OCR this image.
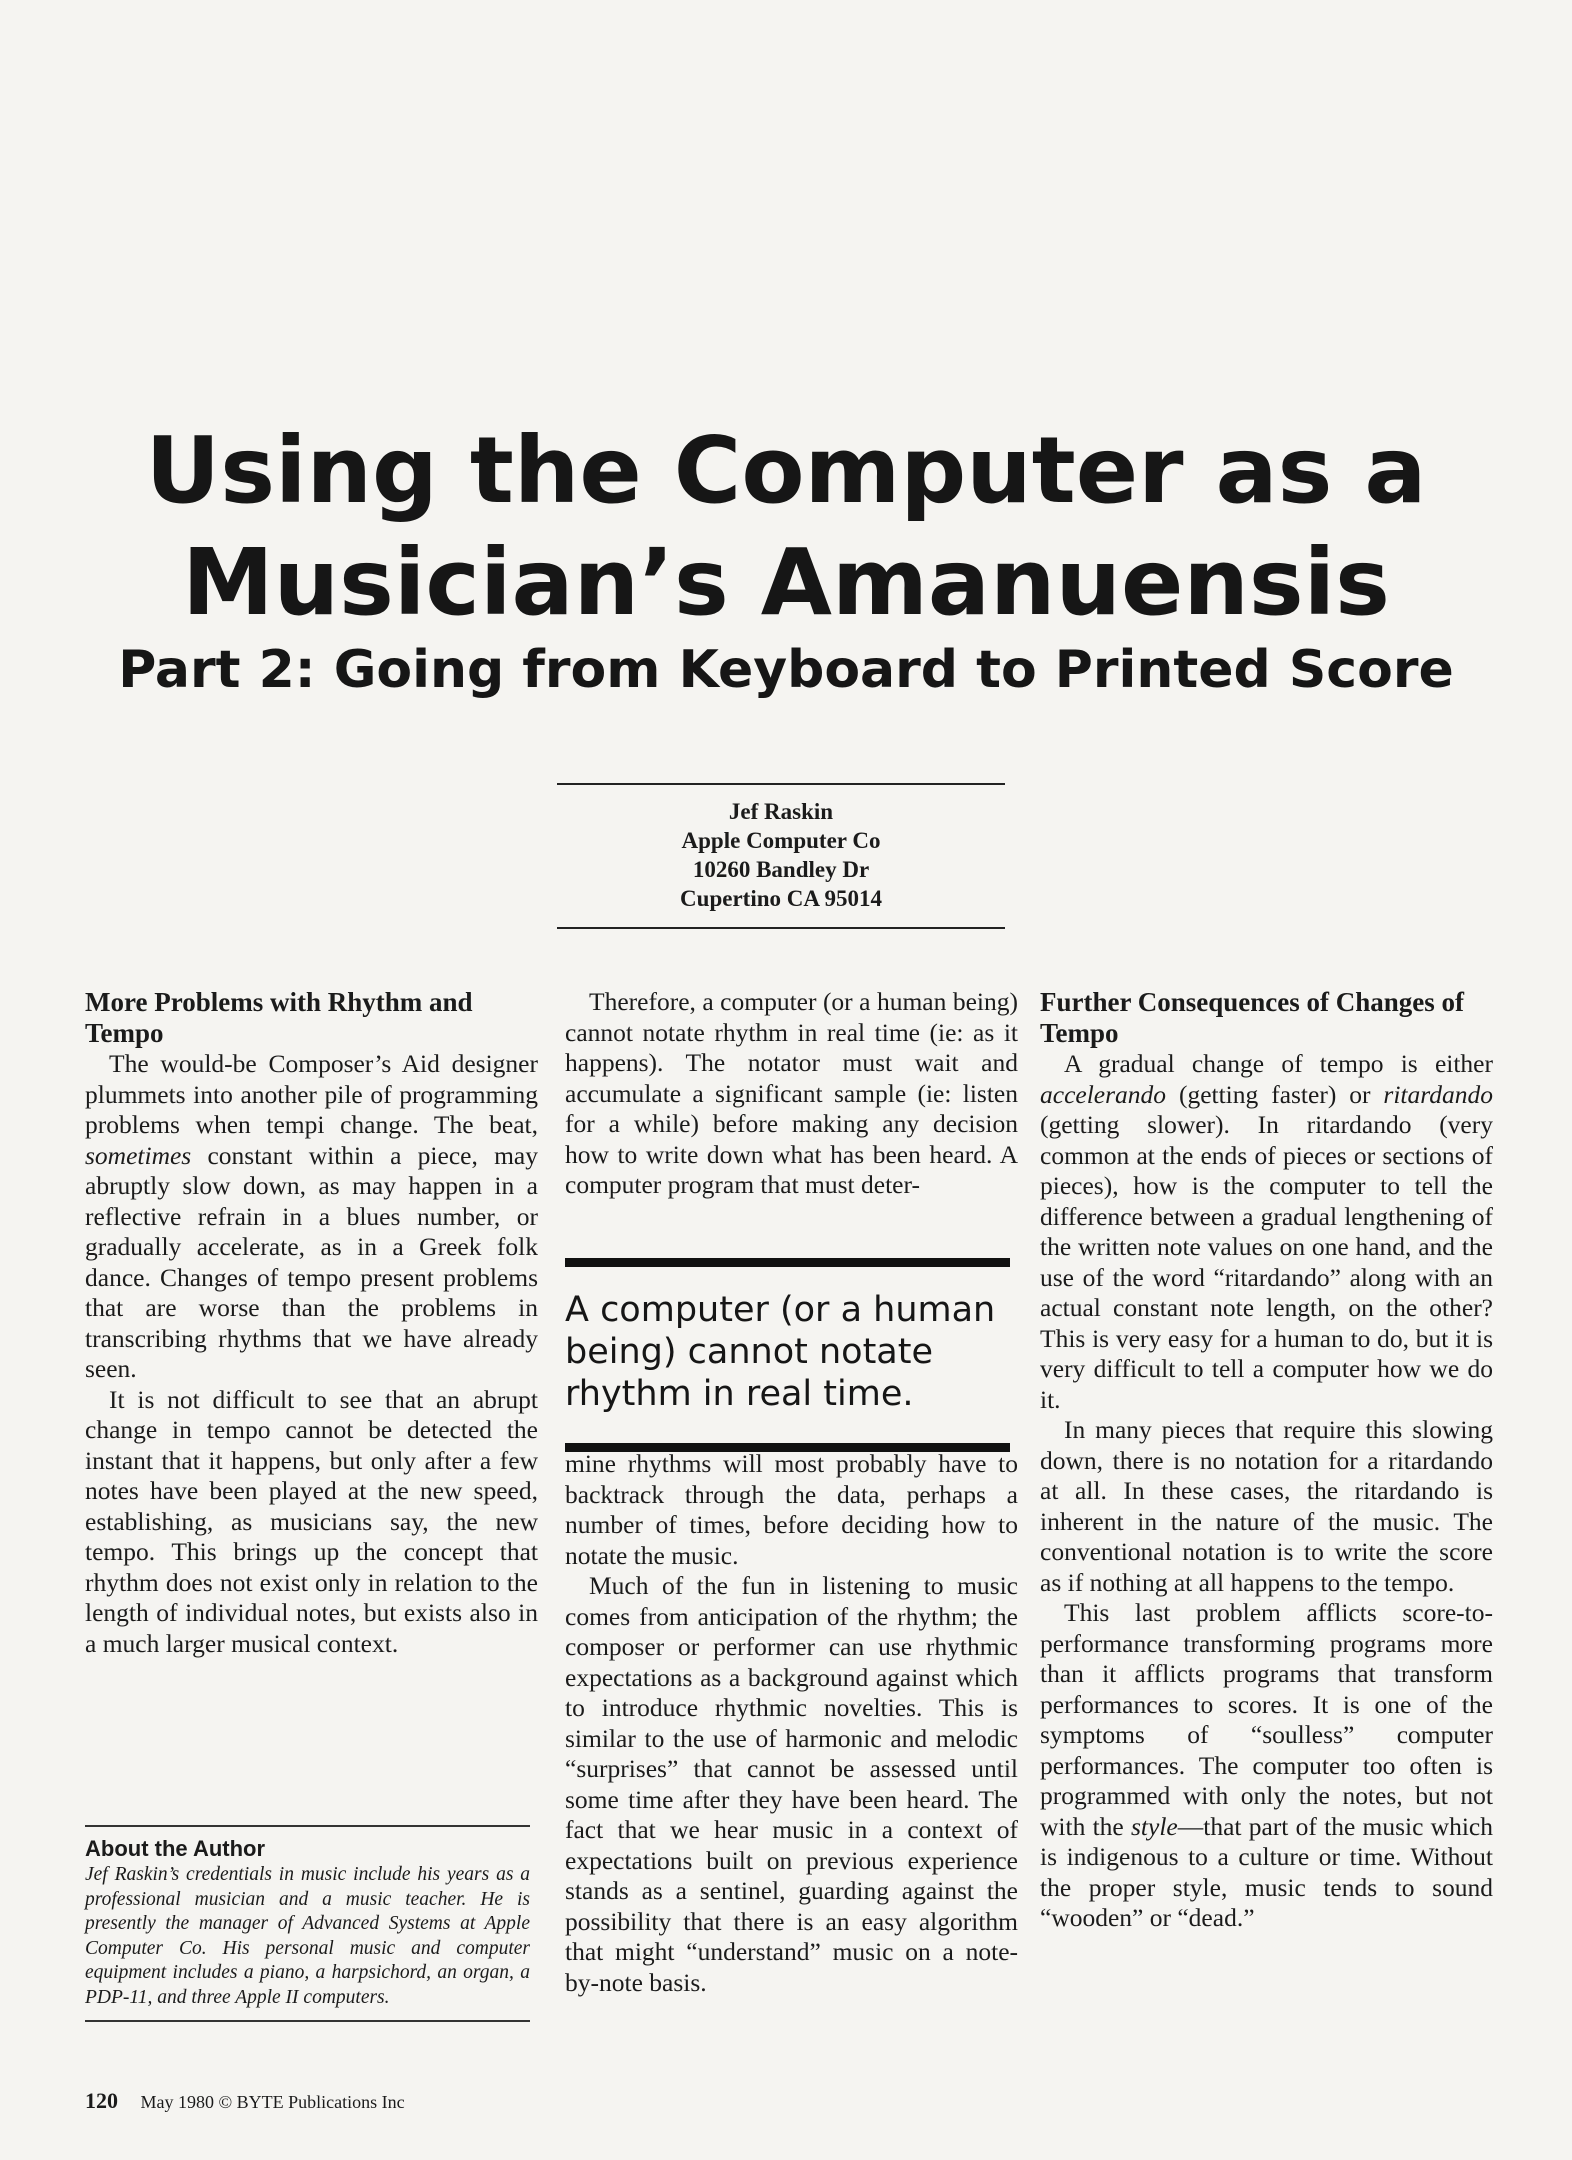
Using the Computer as a
Musician’s Amanuensis
Part 2: Going from Keyboard to Printed Score
Jef Raskin
Apple Computer Co
10260 Bandley Dr
Cupertino CA 95014
More Problems with Rhythm and Tempo

The would-be Composer’s Aid designer plummets into another pile of programming problems when tempi change. The beat, sometimes constant within a piece, may abruptly slow down, as may happen in a reflective refrain in a blues number, or gradually accelerate, as in a Greek folk dance. Changes of tempo present problems that are worse than the problems in transcribing rhythms that we have already seen.

It is not difficult to see that an abrupt change in tempo cannot be detected the instant that it happens, but only after a few notes have been played at the new speed, establishing, as musicians say, the new tempo. This brings up the concept that rhythm does not exist only in relation to the length of individual notes, but exists also in a much larger musical context.

About the Author

Jef Raskin’s credentials in music include his years as a professional musician and a music teacher. He is presently the manager of Advanced Systems at Apple Computer Co. His personal music and computer equipment includes a piano, a harpsichord, an organ, a PDP-11, and three Apple II computers.

Therefore, a computer (or a human being) cannot notate rhythm in real time (ie: as it happens). The notator must wait and accumulate a significant sample (ie: listen for a while) before making any decision how to write down what has been heard. A computer program that must deter-

A computer (or a human being) cannot notate rhythm in real time.

mine rhythms will most probably have to backtrack through the data, perhaps a number of times, before deciding how to notate the music.

Much of the fun in listening to music comes from anticipation of the rhythm; the composer or performer can use rhythmic expectations as a background against which to introduce rhythmic novelties. This is similar to the use of harmonic and melodic “surprises” that cannot be assessed until some time after they have been heard. The fact that we hear music in a context of expectations built on previous experience stands as a sentinel, guarding against the possibility that there is an easy algorithm that might “understand” music on a note-by-note basis.

Further Consequences of Changes of Tempo

A gradual change of tempo is either accelerando (getting faster) or ritardando (getting slower). In ritardando (very common at the ends of pieces or sections of pieces), how is the computer to tell the difference between a gradual lengthening of the written note values on one hand, and the use of the word “ritardando” along with an actual constant note length, on the other? This is very easy for a human to do, but it is very difficult to tell a computer how we do it.

In many pieces that require this slowing down, there is no notation for a ritardando at all. In these cases, the ritardando is inherent in the nature of the music. The conventional notation is to write the score as if nothing at all happens to the tempo.

This last problem afflicts score-to-performance transforming programs more than it afflicts programs that transform performances to scores. It is one of the symptoms of “soulless” computer performances. The computer too often is programmed with only the notes, but not with the style—that part of the music which is indigenous to a culture or time. Without the proper style, music tends to sound “wooden” or “dead.”

120 May 1980 © BYTE Publications Inc
